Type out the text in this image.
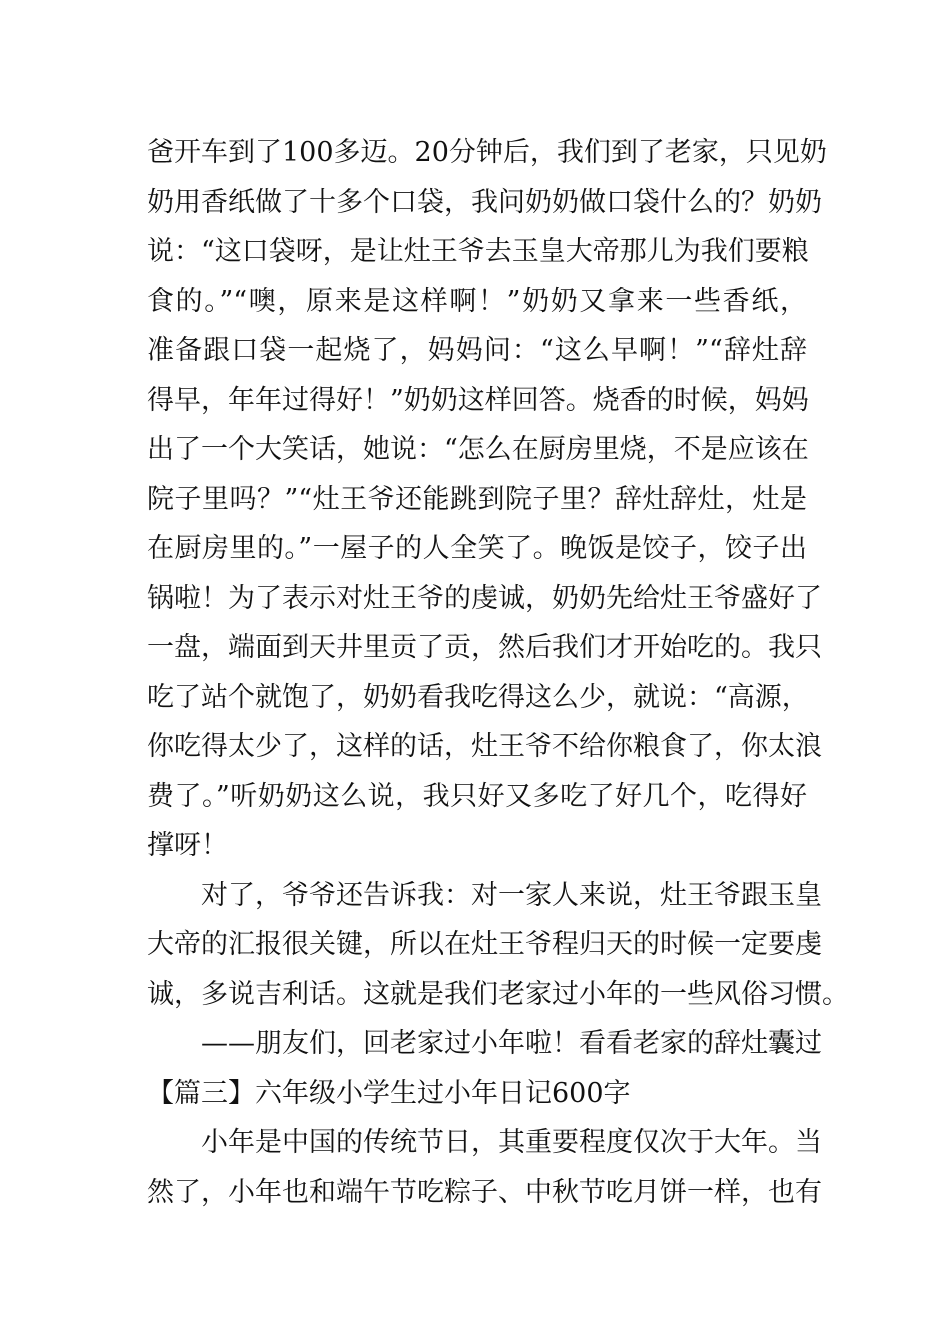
爸开车到了100多迈。20分钟后，我们到了老家，只见奶
奶用香纸做了十多个口袋，我问奶奶做口袋什么的？奶奶
说：“这口袋呀，是让灶王爷去玉皇大帝那儿为我们要粮
食的。”“噢，原来是这样啊！”奶奶又拿来一些香纸，
准备跟口袋一起烧了，妈妈问：“这么早啊！”“辞灶辞
得早，年年过得好！”奶奶这样回答。烧香的时候，妈妈
出了一个大笑话，她说：“怎么在厨房里烧，不是应该在
院子里吗？”“灶王爷还能跳到院子里？辞灶辞灶，灶是
在厨房里的。”一屋子的人全笑了。晚饭是饺子，饺子出
锅啦！为了表示对灶王爷的虔诚，奶奶先给灶王爷盛好了
一盘，端面到天井里贡了贡，然后我们才开始吃的。我只
吃了站个就饱了，奶奶看我吃得这么少，就说：“高源，
你吃得太少了，这样的话，灶王爷不给你粮食了，你太浪
费了。”听奶奶这么说，我只好又多吃了好几个，吃得好
撑呀！
对了，爷爷还告诉我：对一家人来说，灶王爷跟玉皇
大帝的汇报很关键，所以在灶王爷程归天的时候一定要虔
诚，多说吉利话。这就是我们老家过小年的一些风俗习惯。
——朋友们，回老家过小年啦！看看老家的辞灶囊过
【篇三】六年级小学生过小年日记600字
小年是中国的传统节日，其重要程度仅次于大年。当
然了，小年也和端午节吃粽子、中秋节吃月饼一样，也有
